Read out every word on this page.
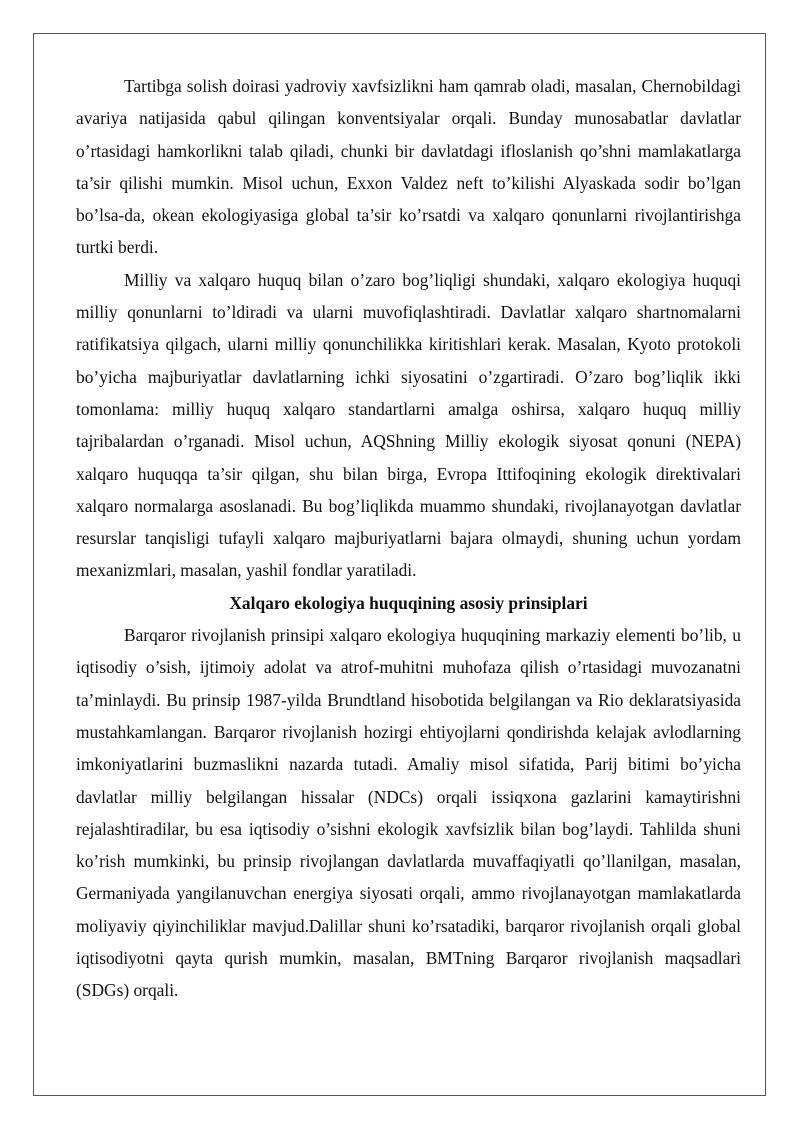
Tartibga solish doirasi yadroviy xavfsizlikni ham qamrab oladi, masalan, Chernobildagi avariya natijasida qabul qilingan konventsiyalar orqali. Bunday munosabatlar davlatlar o’rtasidagi hamkorlikni talab qiladi, chunki bir davlatdagi ifloslanish qo’shni mamlakatlarga ta’sir qilishi mumkin. Misol uchun, Exxon Valdez neft to’kilishi Alyaskada sodir bo’lgan bo’lsa-da, okean ekologiyasiga global ta’sir ko’rsatdi va xalqaro qonunlarni rivojlantirishga turtki berdi.

Milliy va xalqaro huquq bilan o’zaro bog’liqligi shundaki, xalqaro ekologiya huquqi milliy qonunlarni to’ldiradi va ularni muvofiqlashtiradi. Davlatlar xalqaro shartnomalarni ratifikatsiya qilgach, ularni milliy qonunchilikka kiritishlari kerak. Masalan, Kyoto protokoli bo’yicha majburiyatlar davlatlarning ichki siyosatini o’zgartiradi. O’zaro bog’liqlik ikki tomonlama: milliy huquq xalqaro standartlarni amalga oshirsa, xalqaro huquq milliy tajribalardan o’rganadi. Misol uchun, AQShning Milliy ekologik siyosat qonuni (NEPA) xalqaro huquqqa ta’sir qilgan, shu bilan birga, Evropa Ittifoqining ekologik direktivalari xalqaro normalarga asoslanadi. Bu bog’liqlikda muammo shundaki, rivojlanayotgan davlatlar resurslar tanqisligi tufayli xalqaro majburiyatlarni bajara olmaydi, shuning uchun yordam mexanizmlari, masalan, yashil fondlar yaratiladi.

Xalqaro ekologiya huquqining asosiy prinsiplari

Barqaror rivojlanish prinsipi xalqaro ekologiya huquqining markaziy elementi bo’lib, u iqtisodiy o’sish, ijtimoiy adolat va atrof-muhitni muhofaza qilish o’rtasidagi muvozanatni ta’minlaydi. Bu prinsip 1987-yilda Brundtland hisobotida belgilangan va Rio deklaratsiyasida mustahkamlangan. Barqaror rivojlanish hozirgi ehtiyojlarni qondirishda kelajak avlodlarning imkoniyatlarini buzmaslikni nazarda tutadi. Amaliy misol sifatida, Parij bitimi bo’yicha davlatlar milliy belgilangan hissalar (NDCs) orqali issiqxona gazlarini kamaytirishni rejalashtiradilar, bu esa iqtisodiy o’sishni ekologik xavfsizlik bilan bog’laydi. Tahlilda shuni ko’rish mumkinki, bu prinsip rivojlangan davlatlarda muvaffaqiyatli qo’llanilgan, masalan, Germaniyada yangilanuvchan energiya siyosati orqali, ammo rivojlanayotgan mamlakatlarda moliyaviy qiyinchiliklar mavjud.Dalillar shuni ko’rsatadiki, barqaror rivojlanish orqali global iqtisodiyotni qayta qurish mumkin, masalan, BMTning Barqaror rivojlanish maqsadlari (SDGs) orqali.
